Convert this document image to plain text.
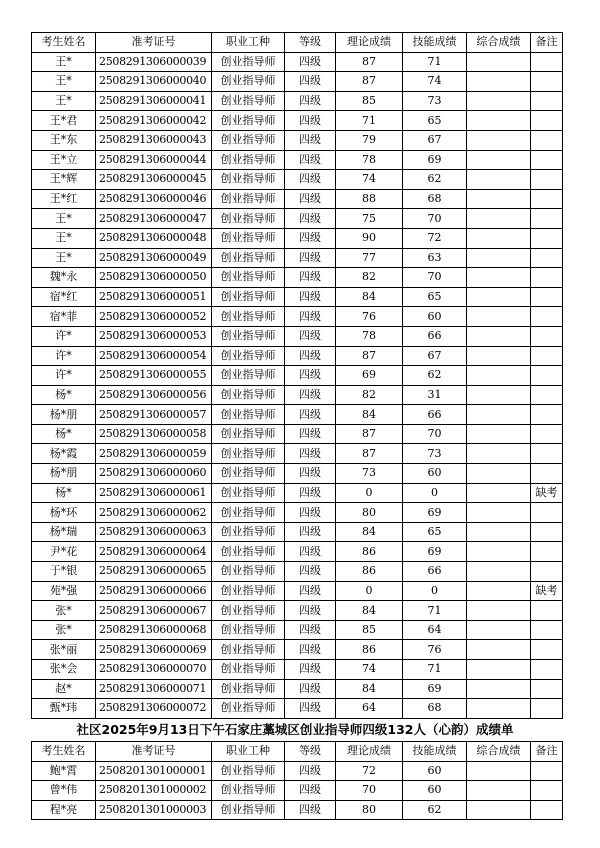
考生姓名	准考证号	职业工种	等级	理论成绩	技能成绩	综合成绩	备注
王*	2508291306000039	创业指导师	四级	87	71		
王*	2508291306000040	创业指导师	四级	87	74		
王*	2508291306000041	创业指导师	四级	85	73		
王*君	2508291306000042	创业指导师	四级	71	65		
王*东	2508291306000043	创业指导师	四级	79	67		
王*立	2508291306000044	创业指导师	四级	78	69		
王*辉	2508291306000045	创业指导师	四级	74	62		
王*红	2508291306000046	创业指导师	四级	88	68		
王*	2508291306000047	创业指导师	四级	75	70		
王*	2508291306000048	创业指导师	四级	90	72		
王*	2508291306000049	创业指导师	四级	77	63		
魏*永	2508291306000050	创业指导师	四级	82	70		
宿*红	2508291306000051	创业指导师	四级	84	65		
宿*菲	2508291306000052	创业指导师	四级	76	60		
许*	2508291306000053	创业指导师	四级	78	66		
许*	2508291306000054	创业指导师	四级	87	67		
许*	2508291306000055	创业指导师	四级	69	62		
杨*	2508291306000056	创业指导师	四级	82	31		
杨*朋	2508291306000057	创业指导师	四级	84	66		
杨*	2508291306000058	创业指导师	四级	87	70		
杨*霞	2508291306000059	创业指导师	四级	87	73		
杨*朋	2508291306000060	创业指导师	四级	73	60		
杨*	2508291306000061	创业指导师	四级	0	0		缺考
杨*环	2508291306000062	创业指导师	四级	80	69		
杨*瑞	2508291306000063	创业指导师	四级	84	65		
尹*花	2508291306000064	创业指导师	四级	86	69		
于*银	2508291306000065	创业指导师	四级	86	66		
苑*强	2508291306000066	创业指导师	四级	0	0		缺考
张*	2508291306000067	创业指导师	四级	84	71		
张*	2508291306000068	创业指导师	四级	85	64		
张*丽	2508291306000069	创业指导师	四级	86	76		
张*会	2508291306000070	创业指导师	四级	74	71		
赵*	2508291306000071	创业指导师	四级	84	69		
甄*玮	2508291306000072	创业指导师	四级	64	68		
社区2025年9月13日下午石家庄藁城区创业指导师四级132人（心韵）成绩单
考生姓名	准考证号	职业工种	等级	理论成绩	技能成绩	综合成绩	备注
鲍*霄	2508201301000001	创业指导师	四级	72	60		
曾*伟	2508201301000002	创业指导师	四级	70	60		
程*亮	2508201301000003	创业指导师	四级	80	62		
